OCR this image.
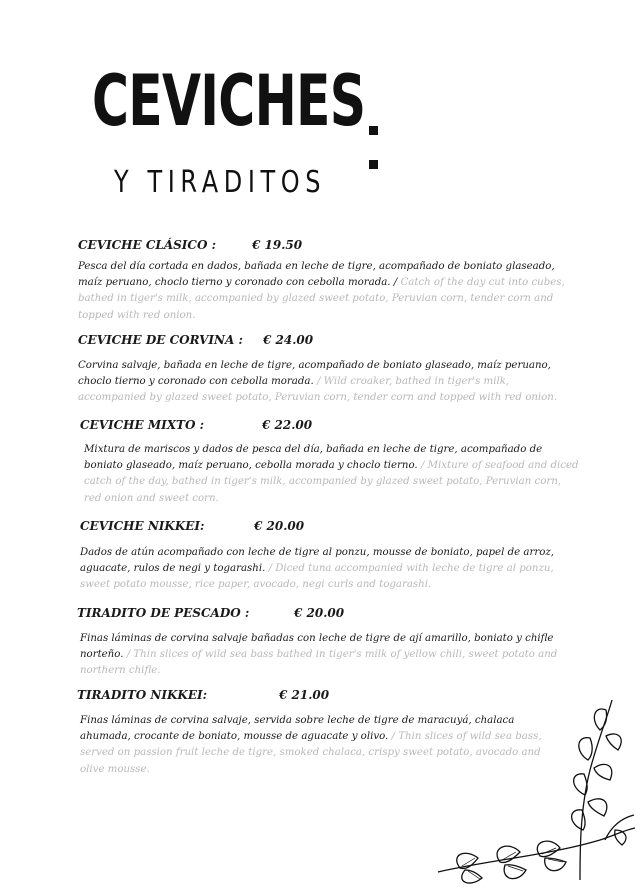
CEVICHES
Y TIRADITOS
CEVICHE CLÁSICO :	€ 19.50
Pesca del día cortada en dados, bañada en leche de tigre, acompañado de boniato glaseado, maíz peruano, choclo tierno y coronado con cebolla morada. / Catch of the day cut into cubes, bathed in tiger's milk, accompanied by glazed sweet potato, Peruvian corn, tender corn and topped with red onion.
CEVICHE DE CORVINA : € 24.00
Corvina salvaje, bañada en leche de tigre, acompañado de boniato glaseado, maíz peruano, choclo tierno y coronado con cebolla morada. / Wild croaker, bathed in tiger's milk, accompanied by glazed sweet potato, Peruvian corn, tender corn and topped with red onion.
CEVICHE MIXTO :	€ 22.00
Mixtura de mariscos y dados de pesca del día, bañada en leche de tigre, acompañado de boniato glaseado, maíz peruano, cebolla morada y choclo tierno. / Mixture of seafood and diced catch of the day, bathed in tiger's milk, accompanied by glazed sweet potato, Peruvian corn, red onion and sweet corn.
CEVICHE NIKKEI:	€ 20.00
Dados de atún acompañado con leche de tigre al ponzu, mousse de boniato, papel de arroz, aguacate, rulos de negi y togarashi. / Diced tuna accompanied with leche de tigre al ponzu, sweet potato mousse, rice paper, avocado, negi curls and togarashi.
TIRADITO DE PESCADO :	€ 20.00
Finas láminas de corvina salvaje bañadas con leche de tigre de ají amarillo, boniato y chifle norteño. / Thin slices of wild sea bass bathed in tiger's milk of yellow chili, sweet potato and northern chifle.
TIRADITO NIKKEI:	€ 21.00
Finas láminas de corvina salvaje, servida sobre leche de tigre de maracuyá, chalaca ahumada, crocante de boniato, mousse de aguacate y olivo. / Thin slices of wild sea bass, served on passion fruit leche de tigre, smoked chalaca, crispy sweet potato, avocado and olive mousse.
